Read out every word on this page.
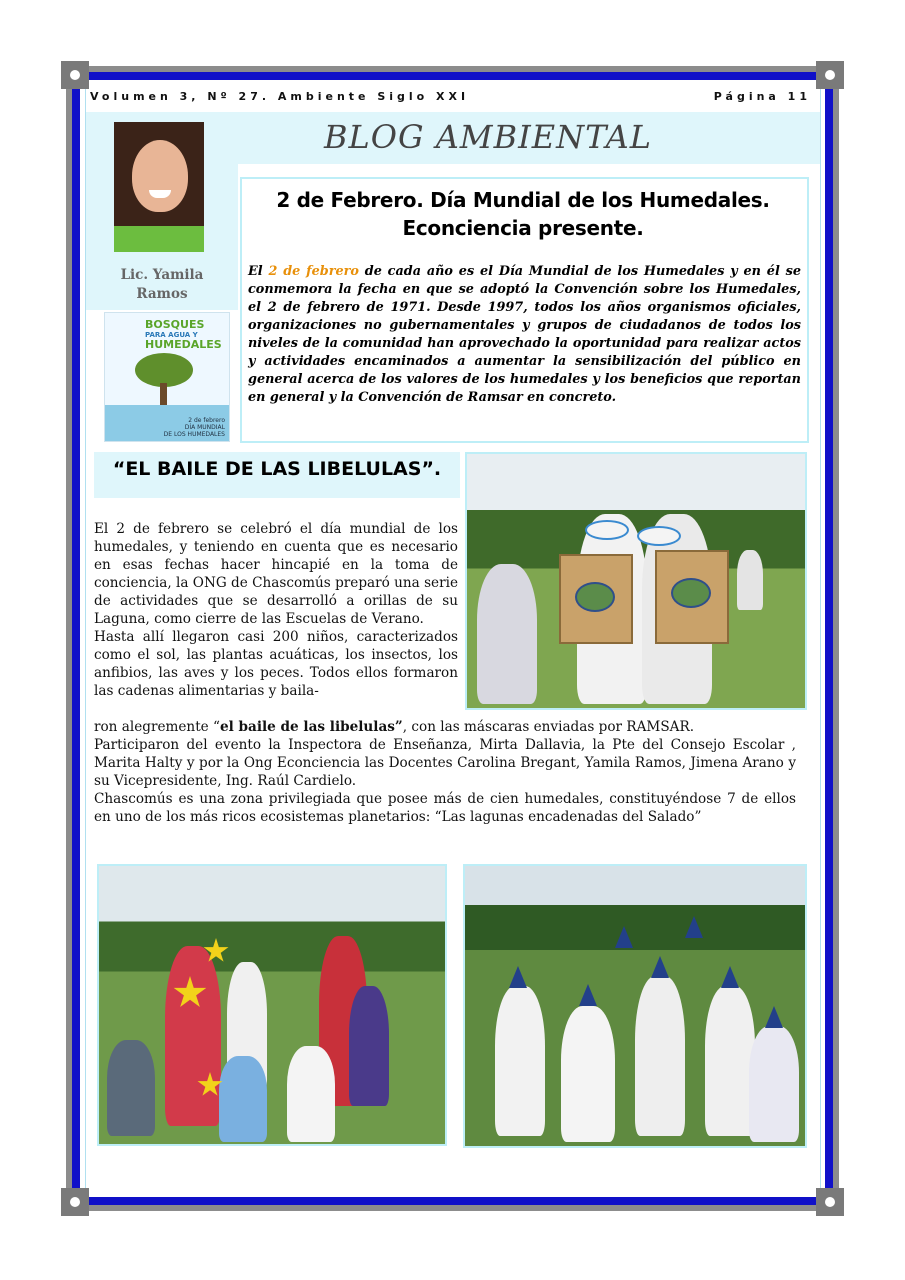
Volumen 3, Nº 27. Ambiente Siglo XXI	Página 11
Lic. Yamila
Ramos
BOSQUES
PARA AGUA Y
HUMEDALES
2 de febrero
DÍA MUNDIAL
DE LOS HUMEDALES
BLOG AMBIENTAL
2 de Febrero. Día Mundial de los Humedales.
Econciencia presente.
El 2 de febrero de cada año es el Día Mundial de los Humedales y en él se conmemora la fecha en que se adoptó la Convención sobre los Humedales, el 2 de febrero de 1971. Desde 1997, todos los años organismos oficiales, organizaciones no gubernamentales y grupos de ciudadanos de todos los niveles de la comunidad han aprovechado la oportunidad para realizar actos y actividades encaminados a aumentar la sensibilización del público en general acerca de los valores de los humedales y los beneficios que reportan en general y la Convención de Ramsar en concreto.
“EL BAILE DE LAS LIBELULAS”.

El 2 de febrero se celebró el día mundial de los humedales, y teniendo en cuenta que es necesario en esas fechas hacer hincapié en la toma de conciencia, la ONG de Chascomús preparó una serie de actividades que se desarrolló a orillas de su Laguna, como cierre de las Escuelas de Verano.

Hasta allí llegaron casi 200 niños, caracterizados como el sol, las plantas acuáticas, los insectos, los anfibios, las aves y los peces. Todos ellos formaron las cadenas alimentarias y baila-

ron alegremente “el baile de las libelulas”, con las máscaras enviadas por RAMSAR.

Participaron del evento la Inspectora de Enseñanza, Mirta Dallavia, la Pte del Consejo Escolar , Marita Halty y por la Ong Econciencia las Docentes Carolina Bregant, Yamila Ramos, Jimena Arano y su Vicepresidente, Ing. Raúl Cardielo.

Chascomús es una zona privilegiada que posee más de cien humedales, constituyéndose 7 de ellos en uno de los más ricos ecosistemas planetarios: “Las lagunas encadenadas del Salado”
